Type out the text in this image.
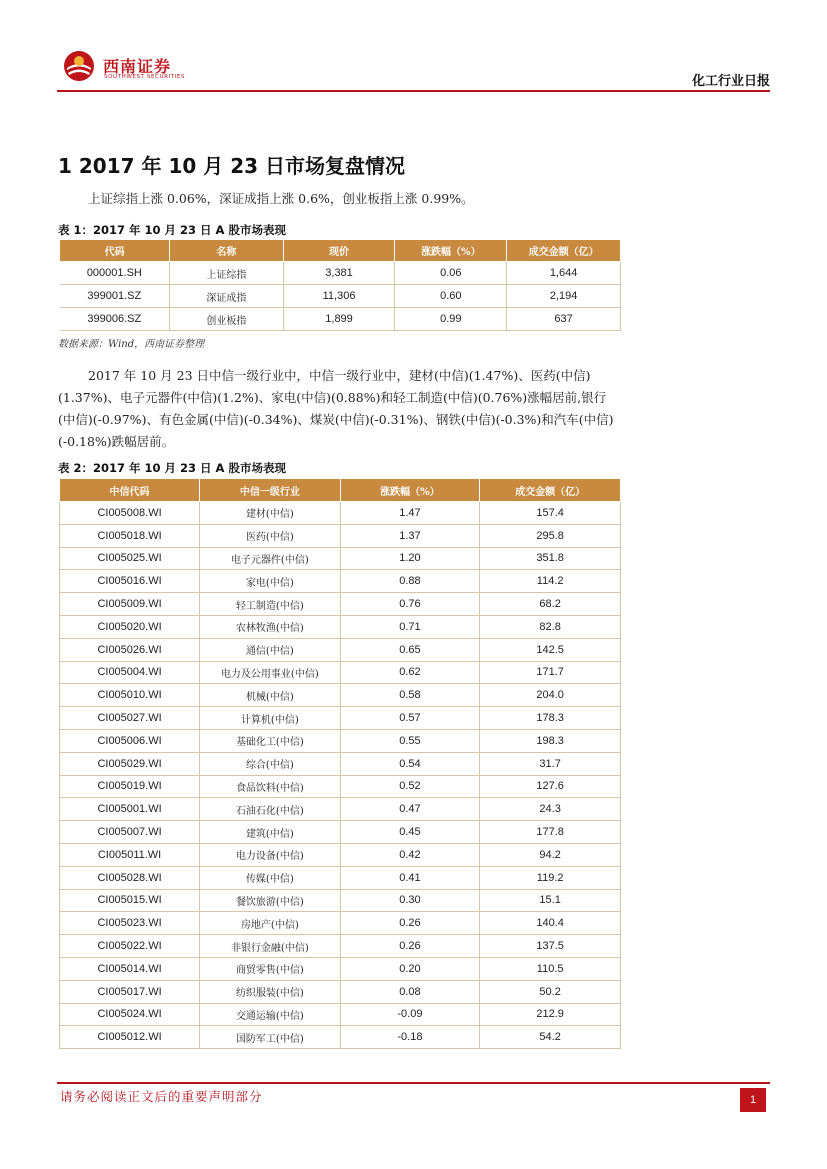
西南证券
SOUTHWEST SECURITIES	化工行业日报
1 2017 年 10 月 23 日市场复盘情况

上证综指上涨 0.06%，深证成指上涨 0.6%，创业板指上涨 0.99%。

表 1：2017 年 10 月 23 日 A 股市场表现
代码	名称	现价	涨跌幅（%）	成交金额（亿）
000001.SH	上证综指	3,381	0.06	1,644
399001.SZ	深证成指	11,306	0.60	2,194
399006.SZ	创业板指	1,899	0.99	637
数据来源：Wind，西南证券整理

2017 年 10 月 23 日中信一级行业中，中信一级行业中，建材(中信)(1.47%)、医药(中信)(1.37%)、电子元器件(中信)(1.2%)、家电(中信)(0.88%)和轻工制造(中信)(0.76%)涨幅居前,银行(中信)(-0.97%)、有色金属(中信)(-0.34%)、煤炭(中信)(-0.31%)、钢铁(中信)(-0.3%)和汽车(中信)(-0.18%)跌幅居前。

表 2：2017 年 10 月 23 日 A 股市场表现
中信代码	中信一级行业	涨跌幅（%）	成交金额（亿）
CI005008.WI	建材(中信)	1.47	157.4
CI005018.WI	医药(中信)	1.37	295.8
CI005025.WI	电子元器件(中信)	1.20	351.8
CI005016.WI	家电(中信)	0.88	114.2
CI005009.WI	轻工制造(中信)	0.76	68.2
CI005020.WI	农林牧渔(中信)	0.71	82.8
CI005026.WI	通信(中信)	0.65	142.5
CI005004.WI	电力及公用事业(中信)	0.62	171.7
CI005010.WI	机械(中信)	0.58	204.0
CI005027.WI	计算机(中信)	0.57	178.3
CI005006.WI	基础化工(中信)	0.55	198.3
CI005029.WI	综合(中信)	0.54	31.7
CI005019.WI	食品饮料(中信)	0.52	127.6
CI005001.WI	石油石化(中信)	0.47	24.3
CI005007.WI	建筑(中信)	0.45	177.8
CI005011.WI	电力设备(中信)	0.42	94.2
CI005028.WI	传媒(中信)	0.41	119.2
CI005015.WI	餐饮旅游(中信)	0.30	15.1
CI005023.WI	房地产(中信)	0.26	140.4
CI005022.WI	非银行金融(中信)	0.26	137.5
CI005014.WI	商贸零售(中信)	0.20	110.5
CI005017.WI	纺织服装(中信)	0.08	50.2
CI005024.WI	交通运输(中信)	-0.09	212.9
CI005012.WI	国防军工(中信)	-0.18	54.2
请务必阅读正文后的重要声明部分	1
